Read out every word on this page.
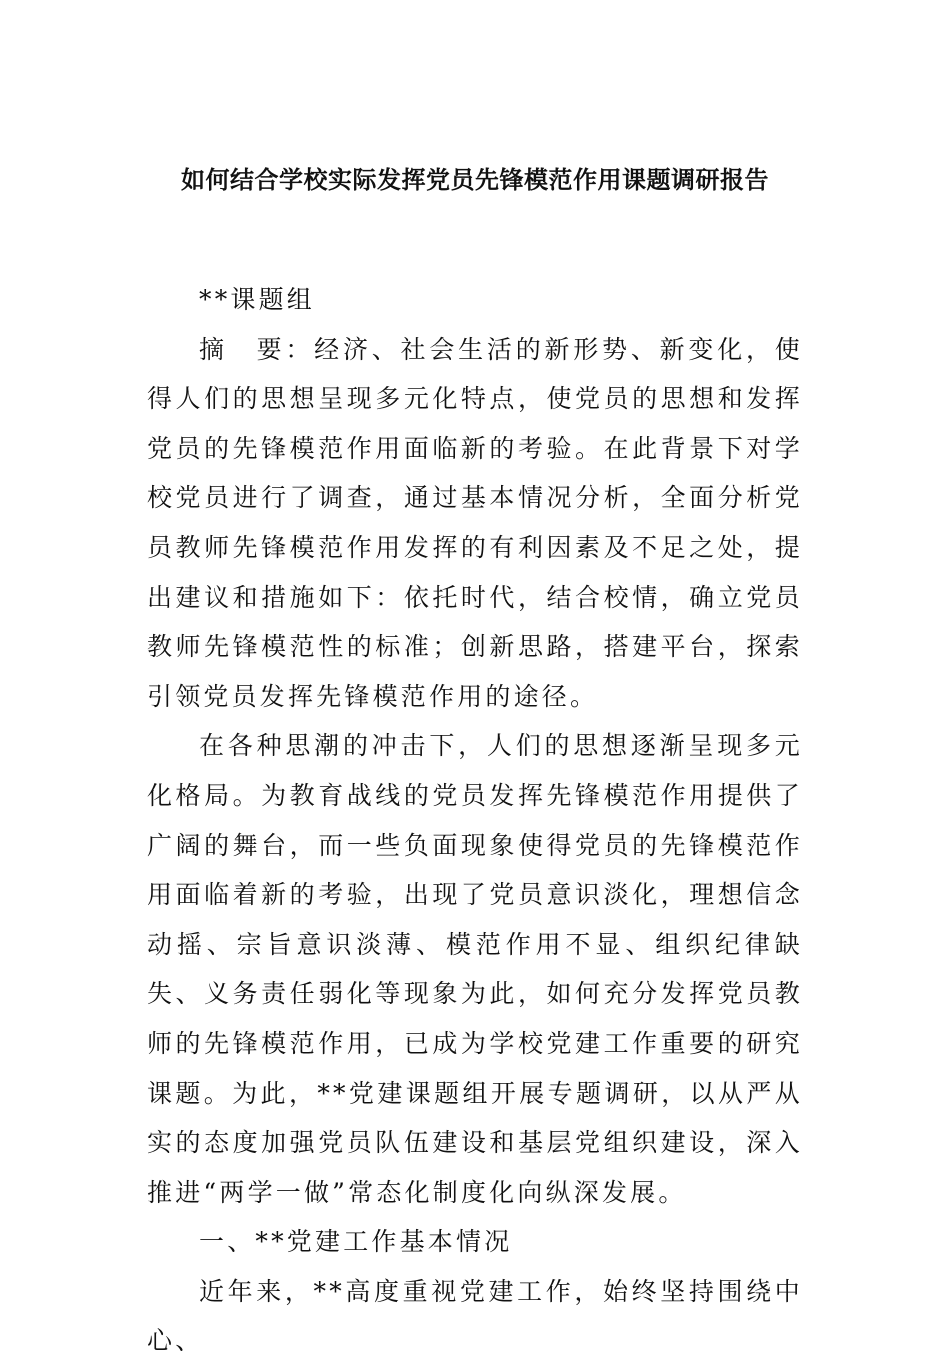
如何结合学校实际发挥党员先锋模范作用课题调研报告

**课题组

摘　要：经济、社会生活的新形势、新变化，使得人们的思想呈现多元化特点，使党员的思想和发挥党员的先锋模范作用面临新的考验。在此背景下对学校党员进行了调查，通过基本情况分析，全面分析党员教师先锋模范作用发挥的有利因素及不足之处，提出建议和措施如下：依托时代，结合校情，确立党员教师先锋模范性的标准；创新思路，搭建平台，探索引领党员发挥先锋模范作用的途径。

在各种思潮的冲击下，人们的思想逐渐呈现多元化格局。为教育战线的党员发挥先锋模范作用提供了广阔的舞台，而一些负面现象使得党员的先锋模范作用面临着新的考验，出现了党员意识淡化，理想信念动摇、宗旨意识淡薄、模范作用不显、组织纪律缺失、义务责任弱化等现象为此，如何充分发挥党员教师的先锋模范作用，已成为学校党建工作重要的研究课题。为此，**党建课题组开展专题调研，以从严从实的态度加强党员队伍建设和基层党组织建设，深入推进“两学一做”常态化制度化向纵深发展。

一、**党建工作基本情况

近年来，**高度重视党建工作，始终坚持围绕中心、
